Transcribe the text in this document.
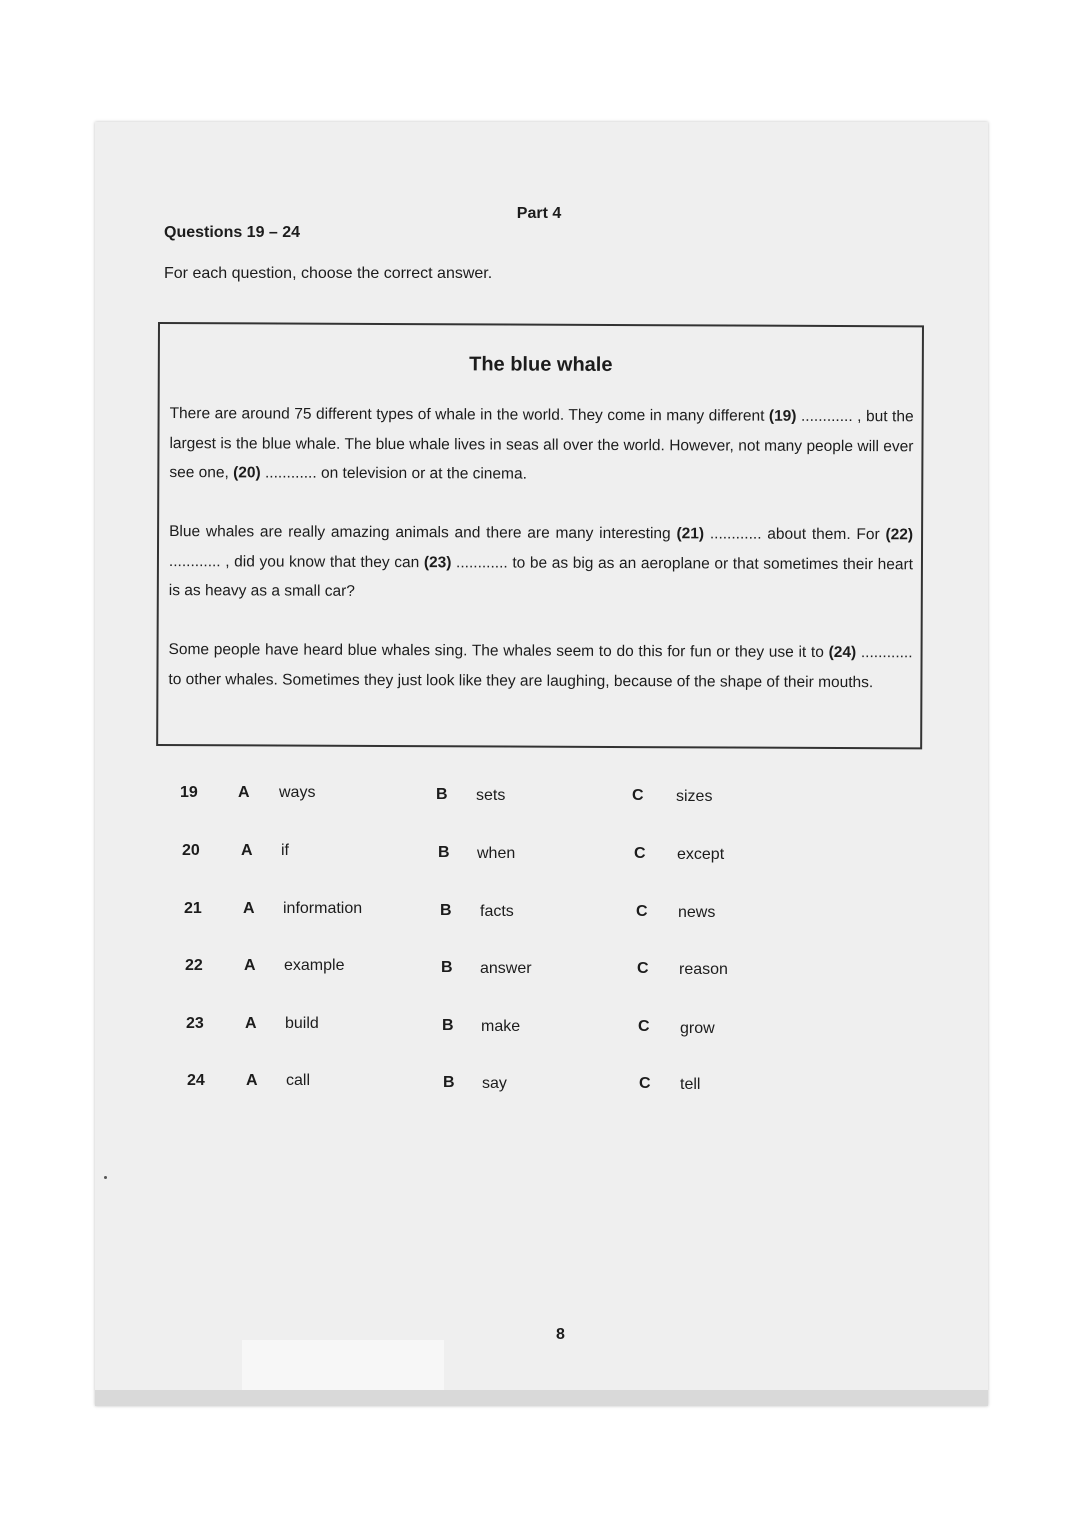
Part 4
Questions 19 – 24
For each question, choose the correct answer.
The blue whale
There are around 75 different types of whale in the world. They come in many different (19) ............ , but the largest is the blue whale. The blue whale lives in seas all over the world. However, not many people will ever see one, (20) ............ on television or at the cinema.
Blue whales are really amazing animals and there are many interesting (21) ............ about them. For (22) ............ , did you know that they can (23) ............ to be as big as an aeroplane or that sometimes their heart is as heavy as a small car?
Some people have heard blue whales sing. The whales seem to do this for fun or they use it to (24) ............ to other whales. Sometimes they just look like they are laughing, because of the shape of their mouths.
19	A ways	B sets	C sizes
20	A if	B when	C except
21	A information	B facts	C news
22	A example	B answer	C reason
23	A build	B make	C grow
24	A call	B say	C tell
8
